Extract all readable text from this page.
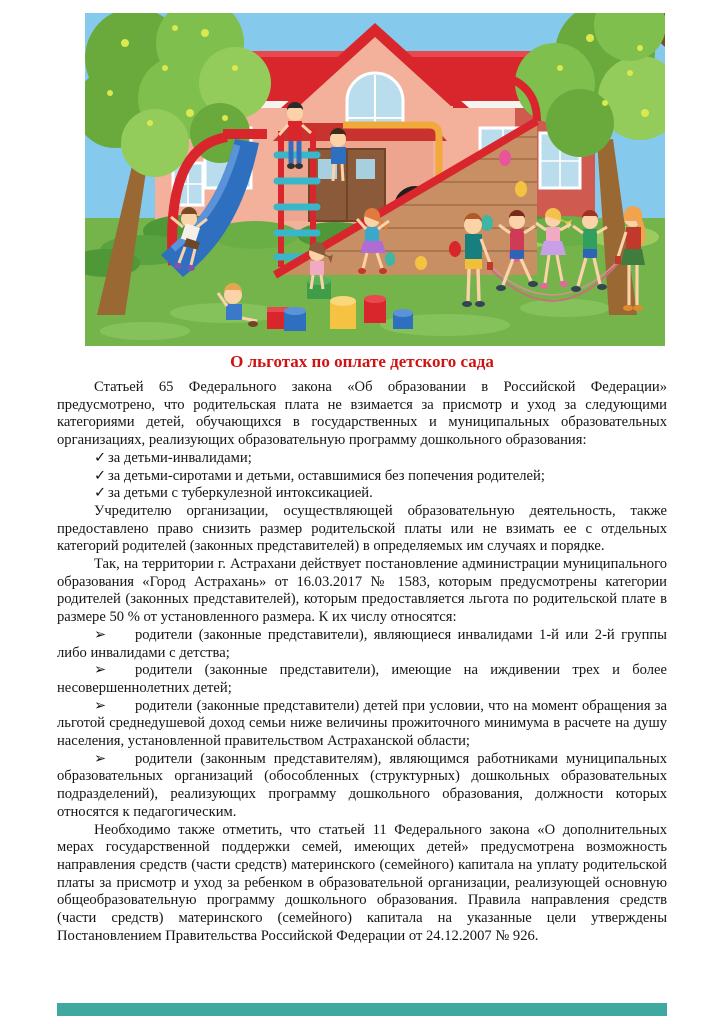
О льготах по оплате детского сада

Статьей 65 Федерального закона «Об образовании в Российской Федерации» предусмотрено, что родительская плата не взимается за присмотр и уход за следующими категориями детей, обучающихся в государственных и муниципальных образовательных организациях, реализующих образовательную программу дошкольного образования:

✓ за детьми-инвалидами;

✓ за детьми-сиротами и детьми, оставшимися без попечения родителей;

✓ за детьми с туберкулезной интоксикацией.

Учредителю организации, осуществляющей образовательную деятельность, также предоставлено право снизить размер родительской платы или не взимать ее с отдельных категорий родителей (законных представителей) в определяемых им случаях и порядке.

Так, на территории г. Астрахани действует постановление администрации муниципального образования «Город Астрахань» от 16.03.2017 № 1583, которым предусмотрены категории родителей (законных представителей), которым предоставляется льгота по родительской плате в размере 50 % от установленного размера. К их числу относятся:

➢ родители (законные представители), являющиеся инвалидами 1-й или 2-й группы либо инвалидами с детства;

➢ родители (законные представители), имеющие на иждивении трех и более несовершеннолетних детей;

➢ родители (законные представители) детей при условии, что на момент обращения за льготой среднедушевой доход семьи ниже величины прожиточного минимума в расчете на душу населения, установленной правительством Астраханской области;

➢ родители (законным представителям), являющимся работниками муниципальных образовательных организаций (обособленных (структурных) дошкольных образовательных подразделений), реализующих программу дошкольного образования, должности которых относятся к педагогическим.

Необходимо также отметить, что статьей 11 Федерального закона «О дополнительных мерах государственной поддержки семей, имеющих детей» предусмотрена возможность направления средств (части средств) материнского (семейного) капитала на уплату родительской платы за присмотр и уход за ребенком в образовательной организации, реализующей основную общеобразовательную программу дошкольного образования. Правила направления средств (части средств) материнского (семейного) капитала на указанные цели утверждены Постановлением Правительства Российской Федерации от 24.12.2007 № 926.
